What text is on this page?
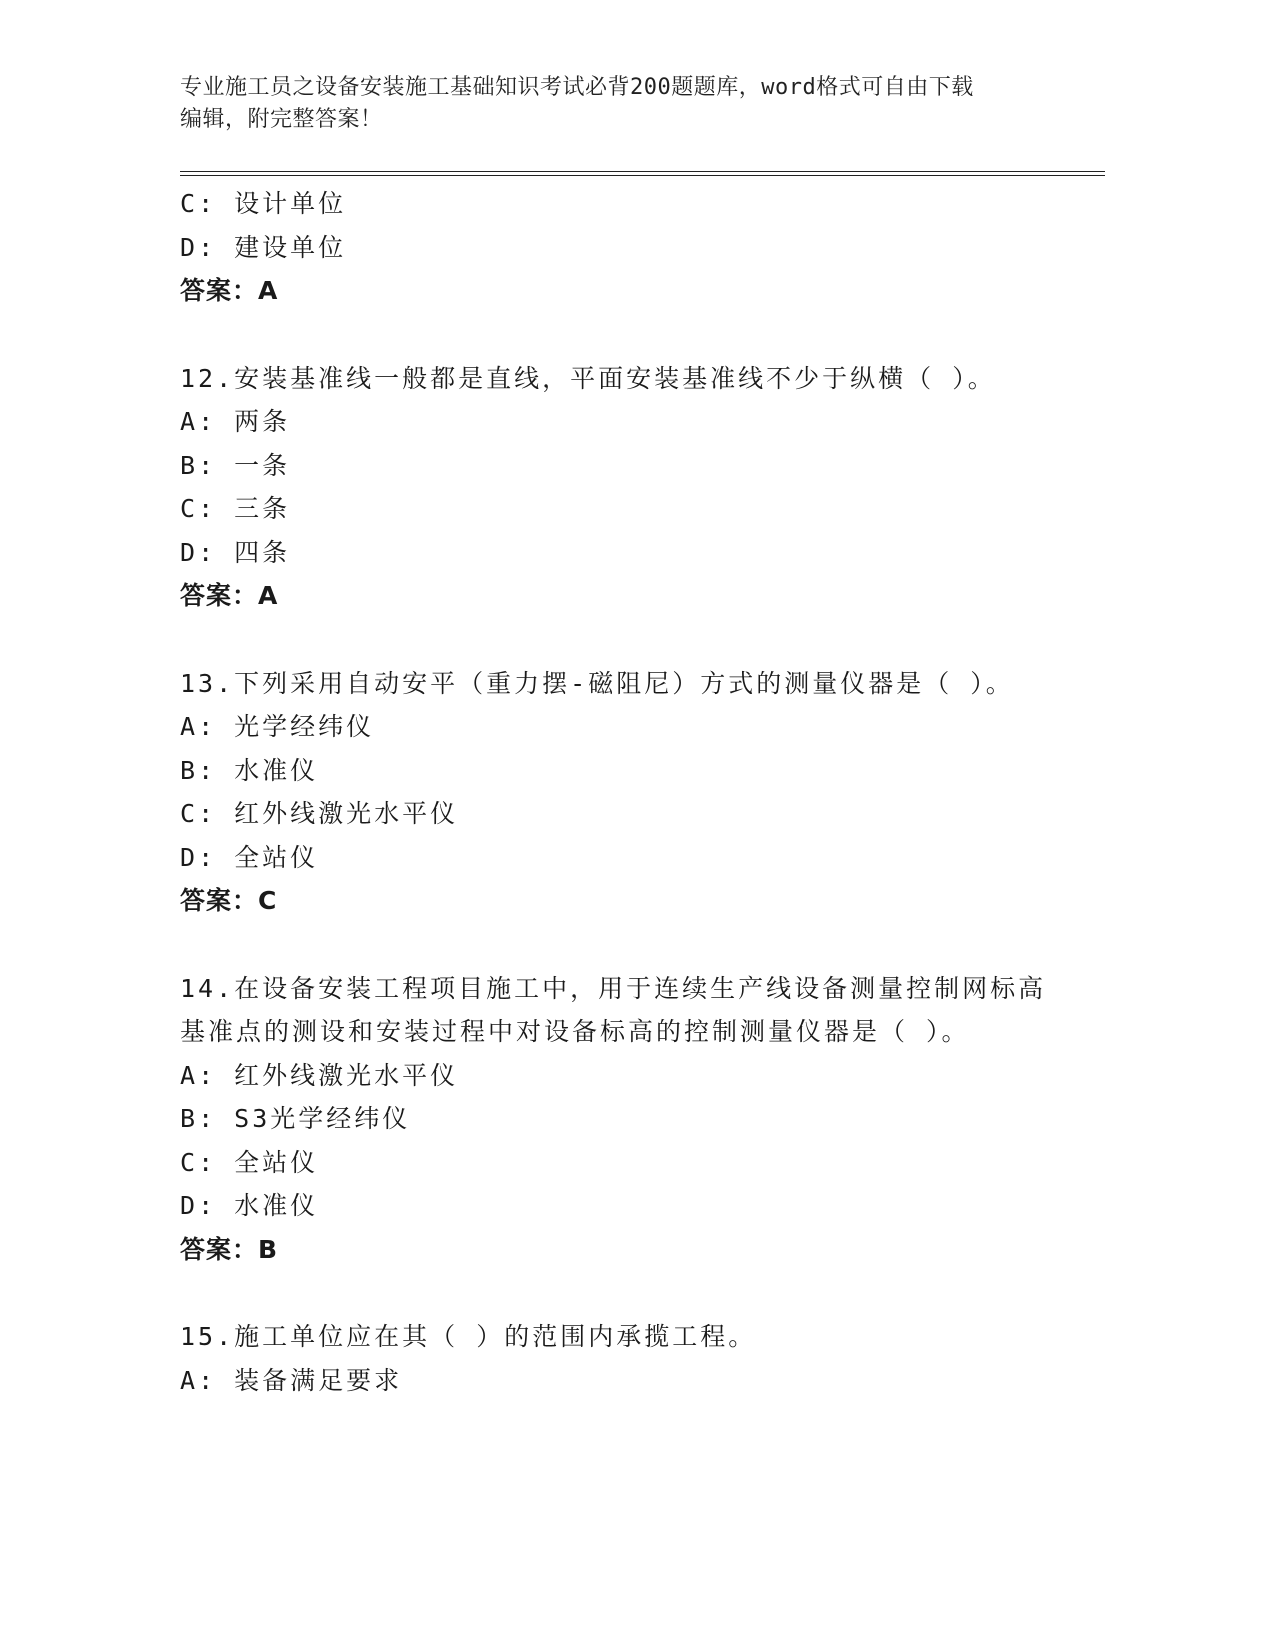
专业施工员之设备安装施工基础知识考试必背200题题库，word格式可自由下载
编辑，附完整答案！
C: 设计单位
D: 建设单位
答案：A
12.安装基准线一般都是直线，平面安装基准线不少于纵横（ ）。
A: 两条
B: 一条
C: 三条
D: 四条
答案：A
13.下列采用自动安平（重力摆-磁阻尼）方式的测量仪器是（ ）。
A: 光学经纬仪
B: 水准仪
C: 红外线激光水平仪
D: 全站仪
答案：C
14.在设备安装工程项目施工中，用于连续生产线设备测量控制网标高
基准点的测设和安装过程中对设备标高的控制测量仪器是（ ）。
A: 红外线激光水平仪
B: S3光学经纬仪
C: 全站仪
D: 水准仪
答案：B
15.施工单位应在其（ ）的范围内承揽工程。
A: 装备满足要求
